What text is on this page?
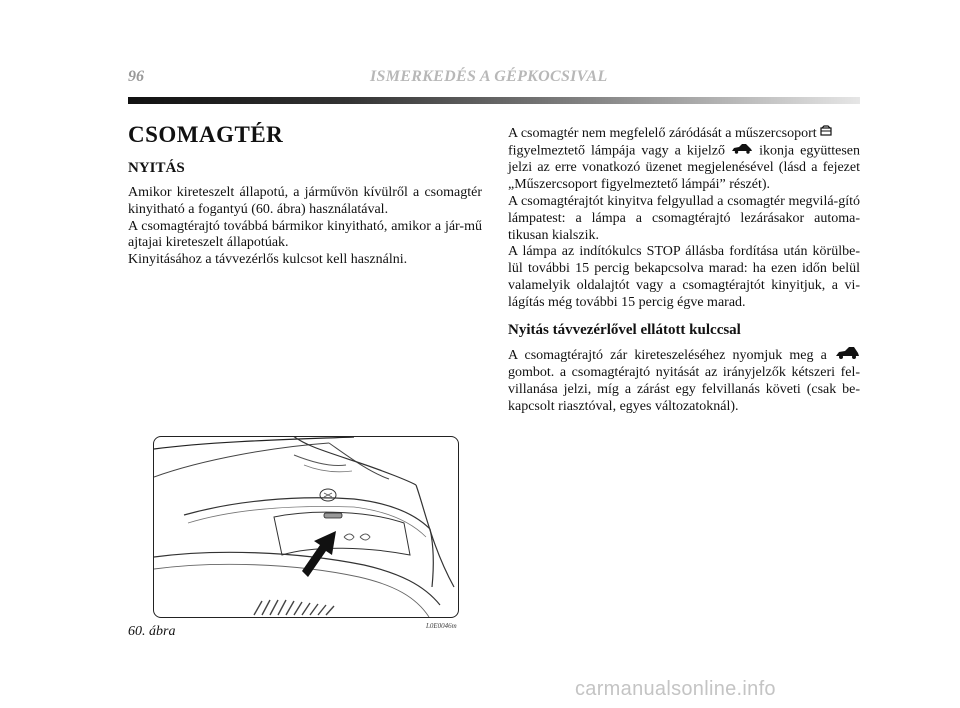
96	ISMERKEDÉS A GÉPKOCSIVAL
CSOMAGTÉR
NYITÁS

Amikor kireteszelt állapotú, a járművön kívülről a csomagtér kinyitható a fogantyú (60. ábra) használatával.
A csomagtérajtó továbbá bármikor kinyitható, amikor a jár-mű ajtajai kireteszelt állapotúak.
Kinyitásához a távvezérlős kulcsot kell használni.

A csomagtér nem megfelelő záródását a műszercsoport
figyelmeztető lámpája vagy a kijelző ikonja együttesen jelzi az erre vonatkozó üzenet megjelenésével (lásd a fejezet „Műszercsoport figyelmeztető lámpái” részét).
A csomagtérajtót kinyitva felgyullad a csomagtér megvilá-gító lámpatest: a lámpa a csomagtérajtó lezárásakor automa-tikusan kialszik.
A lámpa az indítókulcs STOP állásba fordítása után körülbe-lül további 15 percig bekapcsolva marad: ha ezen időn belül valamelyik oldalajtót vagy a csomagtérajtót kinyitjuk, a vi-lágítás még további 15 percig égve marad.

Nyitás távvezérlővel ellátott kulccsal

A csomagtérajtó zár kireteszeléséhez nyomjuk meg a  gombot. a csomagtérajtó nyitását az irányjelzők kétszeri fel-villanása jelzi, míg a zárást egy felvillanás követi (csak be-kapcsolt riasztóval, egyes változatoknál).

60. ábra	L0E0046m
carmanualsonline.info
